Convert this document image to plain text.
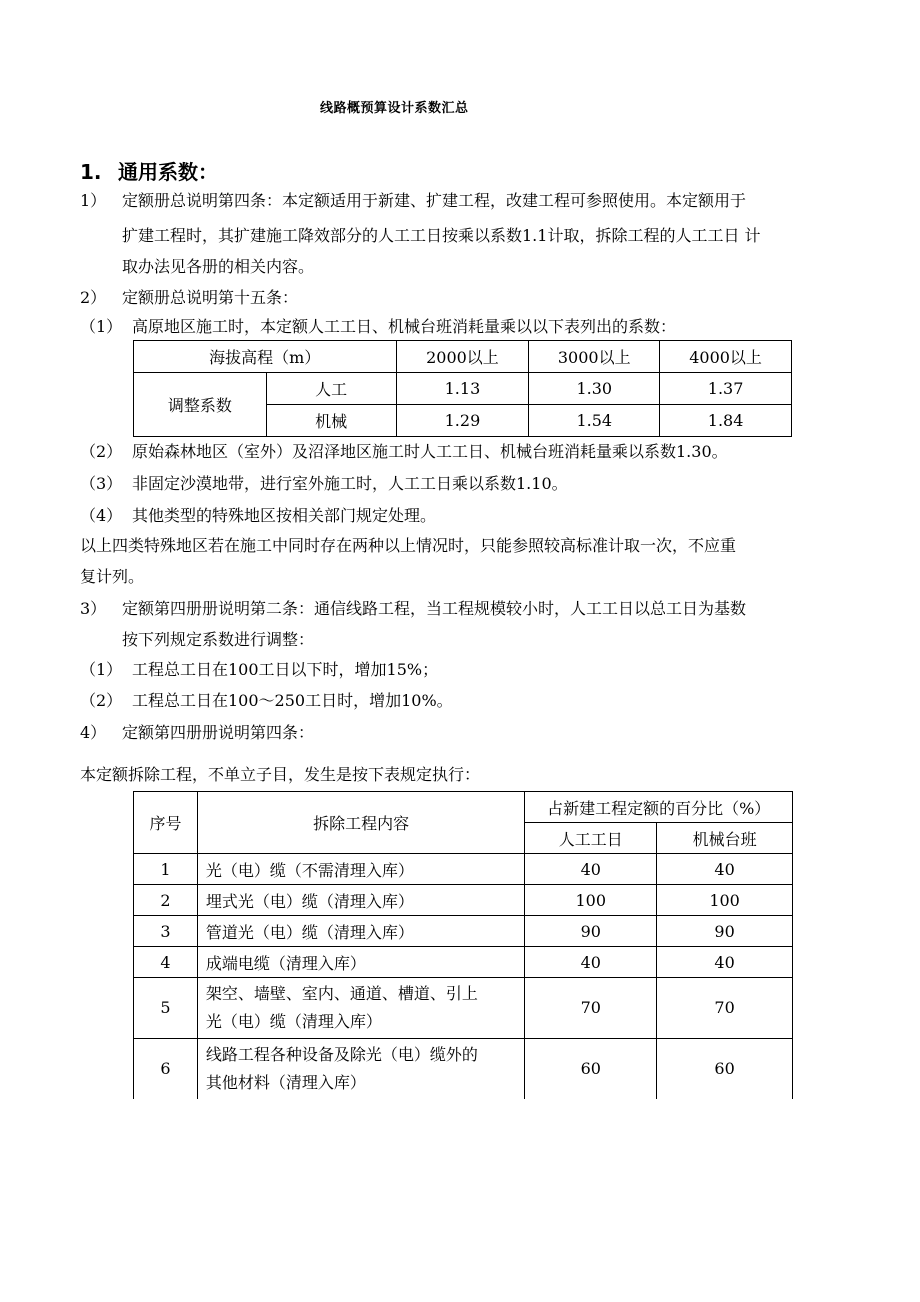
线路概预算设计系数汇总
1. 通用系数：
1） 定额册总说明第四条：本定额适用于新建、扩建工程，改建工程可参照使用。本定额用于
扩建工程时，其扩建施工降效部分的人工工日按乘以系数1.1计取，拆除工程的人工工日 计
取办法见各册的相关内容。
2） 定额册总说明第十五条：
（1） 高原地区施工时，本定额人工工日、机械台班消耗量乘以以下表列出的系数：
海拔高程（m）		2000以上	3000以上	4000以上
调整系数	人工	1.13	1.30	1.37
	机械	1.29	1.54	1.84
（2） 原始森林地区（室外）及沼泽地区施工时人工工日、机械台班消耗量乘以系数1.30。
（3） 非固定沙漠地带，进行室外施工时，人工工日乘以系数1.10。
（4） 其他类型的特殊地区按相关部门规定处理。
以上四类特殊地区若在施工中同时存在两种以上情况时，只能参照较高标准计取一次，不应重
复计列。
3） 定额第四册册说明第二条：通信线路工程，当工程规模较小时，人工工日以总工日为基数
按下列规定系数进行调整：
（1） 工程总工日在100工日以下时，增加15%；
（2） 工程总工日在100～250工日时，增加10%。
4） 定额第四册册说明第四条：
本定额拆除工程，不单立子目，发生是按下表规定执行：
序号	拆除工程内容	占新建工程定额的百分比（%）	
		人工工日	机械台班
1	光（电）缆（不需清理入库）	40	40
2	埋式光（电）缆（清理入库）	100	100
3	管道光（电）缆（清理入库）	90	90
4	成端电缆（清理入库）	40	40
5	架空、墙壁、室内、通道、槽道、引上
光（电）缆（清理入库）	70	70
6	线路工程各种设备及除光（电）缆外的
其他材料（清理入库）	60	60
